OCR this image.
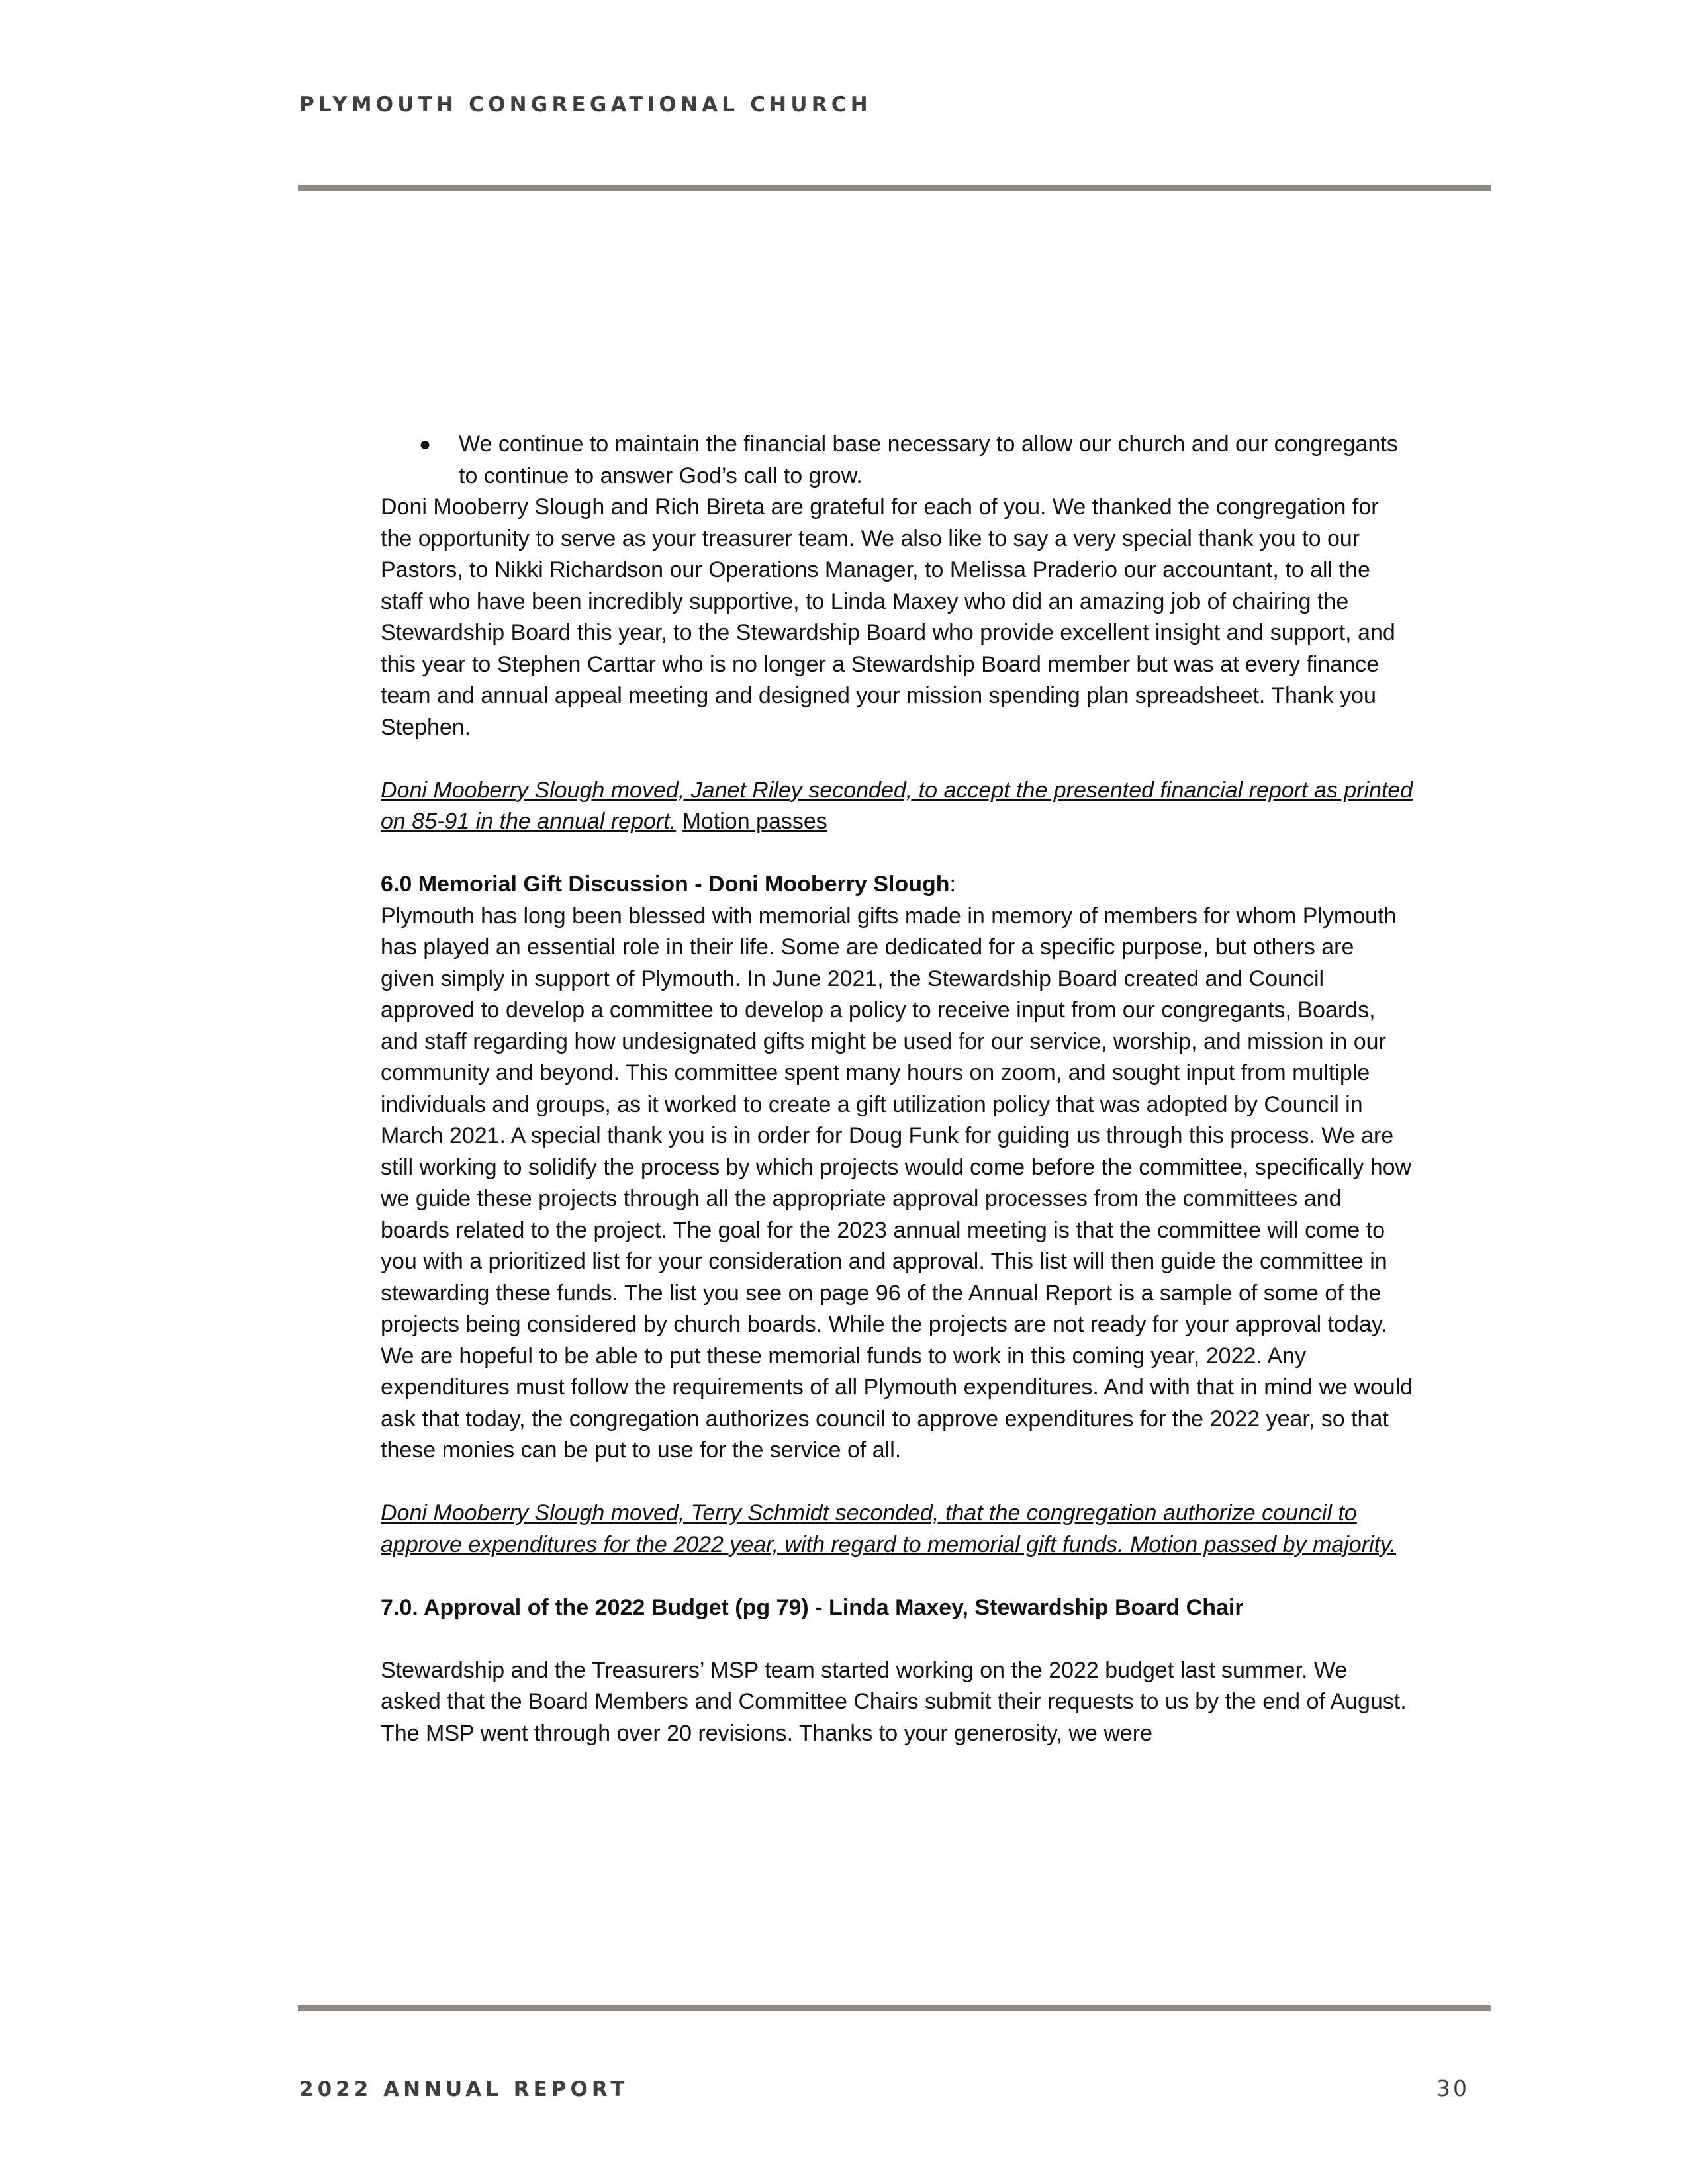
PLYMOUTH CONGREGATIONAL CHURCH
● We continue to maintain the financial base necessary to allow our church and our congregants to continue to answer God’s call to grow.

Doni Mooberry Slough and Rich Bireta are grateful for each of you. We thanked the congregation for the opportunity to serve as your treasurer team. We also like to say a very special thank you to our Pastors, to Nikki Richardson our Operations Manager, to Melissa Praderio our accountant, to all the staff who have been incredibly supportive, to Linda Maxey who did an amazing job of chairing the Stewardship Board this year, to the Stewardship Board who provide excellent insight and support, and this year to Stephen Carttar who is no longer a Stewardship Board member but was at every finance team and annual appeal meeting and designed your mission spending plan spreadsheet. Thank you Stephen.

Doni Mooberry Slough moved, Janet Riley seconded, to accept the presented financial report as printed on 85-91 in the annual report. Motion passes

6.0 Memorial Gift Discussion - Doni Mooberry Slough:

Plymouth has long been blessed with memorial gifts made in memory of members for whom Plymouth has played an essential role in their life. Some are dedicated for a specific purpose, but others are given simply in support of Plymouth. In June 2021, the Stewardship Board created and Council approved to develop a committee to develop a policy to receive input from our congregants, Boards, and staff regarding how undesignated gifts might be used for our service, worship, and mission in our community and beyond. This committee spent many hours on zoom, and sought input from multiple individuals and groups, as it worked to create a gift utilization policy that was adopted by Council in March 2021. A special thank you is in order for Doug Funk for guiding us through this process. We are still working to solidify the process by which projects would come before the committee, specifically how we guide these projects through all the appropriate approval processes from the committees and boards related to the project. The goal for the 2023 annual meeting is that the committee will come to you with a prioritized list for your consideration and approval. This list will then guide the committee in stewarding these funds. The list you see on page 96 of the Annual Report is a sample of some of the projects being considered by church boards. While the projects are not ready for your approval today. We are hopeful to be able to put these memorial funds to work in this coming year, 2022. Any expenditures must follow the requirements of all Plymouth expenditures. And with that in mind we would ask that today, the congregation authorizes council to approve expenditures for the 2022 year, so that these monies can be put to use for the service of all.

Doni Mooberry Slough moved, Terry Schmidt seconded, that the congregation authorize council to approve expenditures for the 2022 year, with regard to memorial gift funds. Motion passed by majority.

7.0. Approval of the 2022 Budget (pg 79) - Linda Maxey, Stewardship Board Chair

Stewardship and the Treasurers’ MSP team started working on the 2022 budget last summer. We asked that the Board Members and Committee Chairs submit their requests to us by the end of August. The MSP went through over 20 revisions. Thanks to your generosity, we were

2022 ANNUAL REPORT	30
